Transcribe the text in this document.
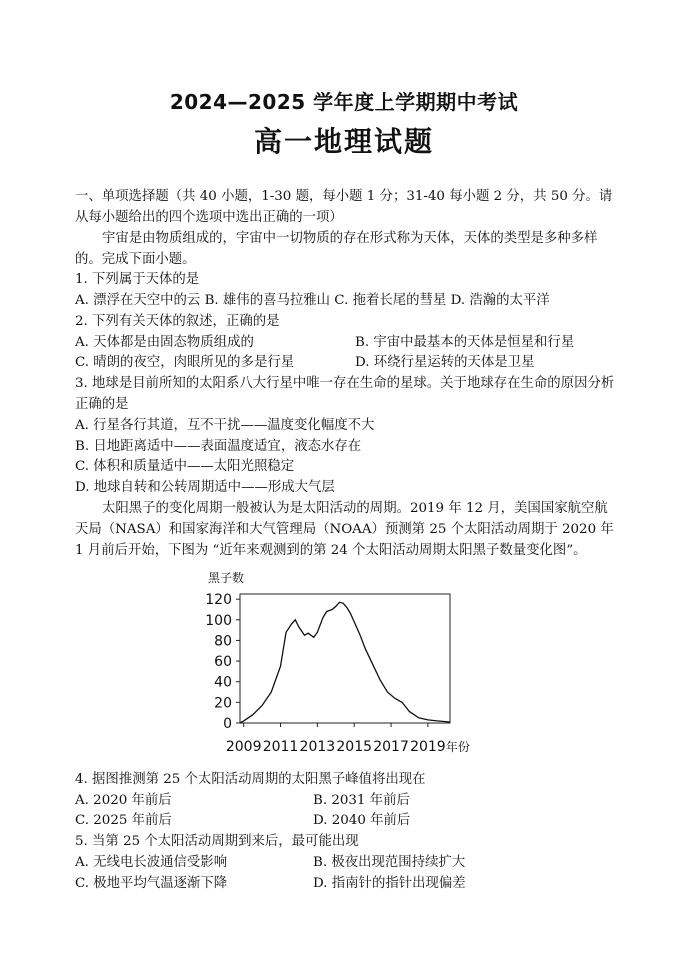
2024—2025 学年度上学期期中考试
高一地理试题
一、单项选择题（共 40 小题，1-30 题，每小题 1 分；31-40 每小题 2 分，共 50 分。请从每小题给出的四个选项中选出正确的一项）
宇宙是由物质组成的，宇宙中一切物质的存在形式称为天体，天体的类型是多种多样的。完成下面小题。
1. 下列属于天体的是
A. 漂浮在天空中的云 B. 雄伟的喜马拉雅山 C. 拖着长尾的彗星 D. 浩瀚的太平洋
2. 下列有关天体的叙述，正确的是
A. 天体都是由固态物质组成的	B. 宇宙中最基本的天体是恒星和行星
C. 晴朗的夜空，肉眼所见的多是行星	D. 环绕行星运转的天体是卫星
3. 地球是目前所知的太阳系八大行星中唯一存在生命的星球。关于地球存在生命的原因分析正确的是
A. 行星各行其道，互不干扰——温度变化幅度不大
B. 日地距离适中——表面温度适宜，液态水存在
C. 体积和质量适中——太阳光照稳定
D. 地球自转和公转周期适中——形成大气层
太阳黑子的变化周期一般被认为是太阳活动的周期。2019 年 12 月，美国国家航空航天局（NASA）和国家海洋和大气管理局（NOAA）预测第 25 个太阳活动周期于 2020 年 1 月前后开始，下图为 “近年来观测到的第 24 个太阳活动周期太阳黑子数量变化图”。
黑子数
0
20
40
60
80
100
120
2009 2011 2013 2015 2017 2019 年份
4. 据图推测第 25 个太阳活动周期的太阳黑子峰值将出现在
A. 2020 年前后	B. 2031 年前后
C. 2025 年前后	D. 2040 年前后
5. 当第 25 个太阳活动周期到来后，最可能出现
A. 无线电长波通信受影响	B. 极夜出现范围持续扩大
C. 极地平均气温逐渐下降	D. 指南针的指针出现偏差
